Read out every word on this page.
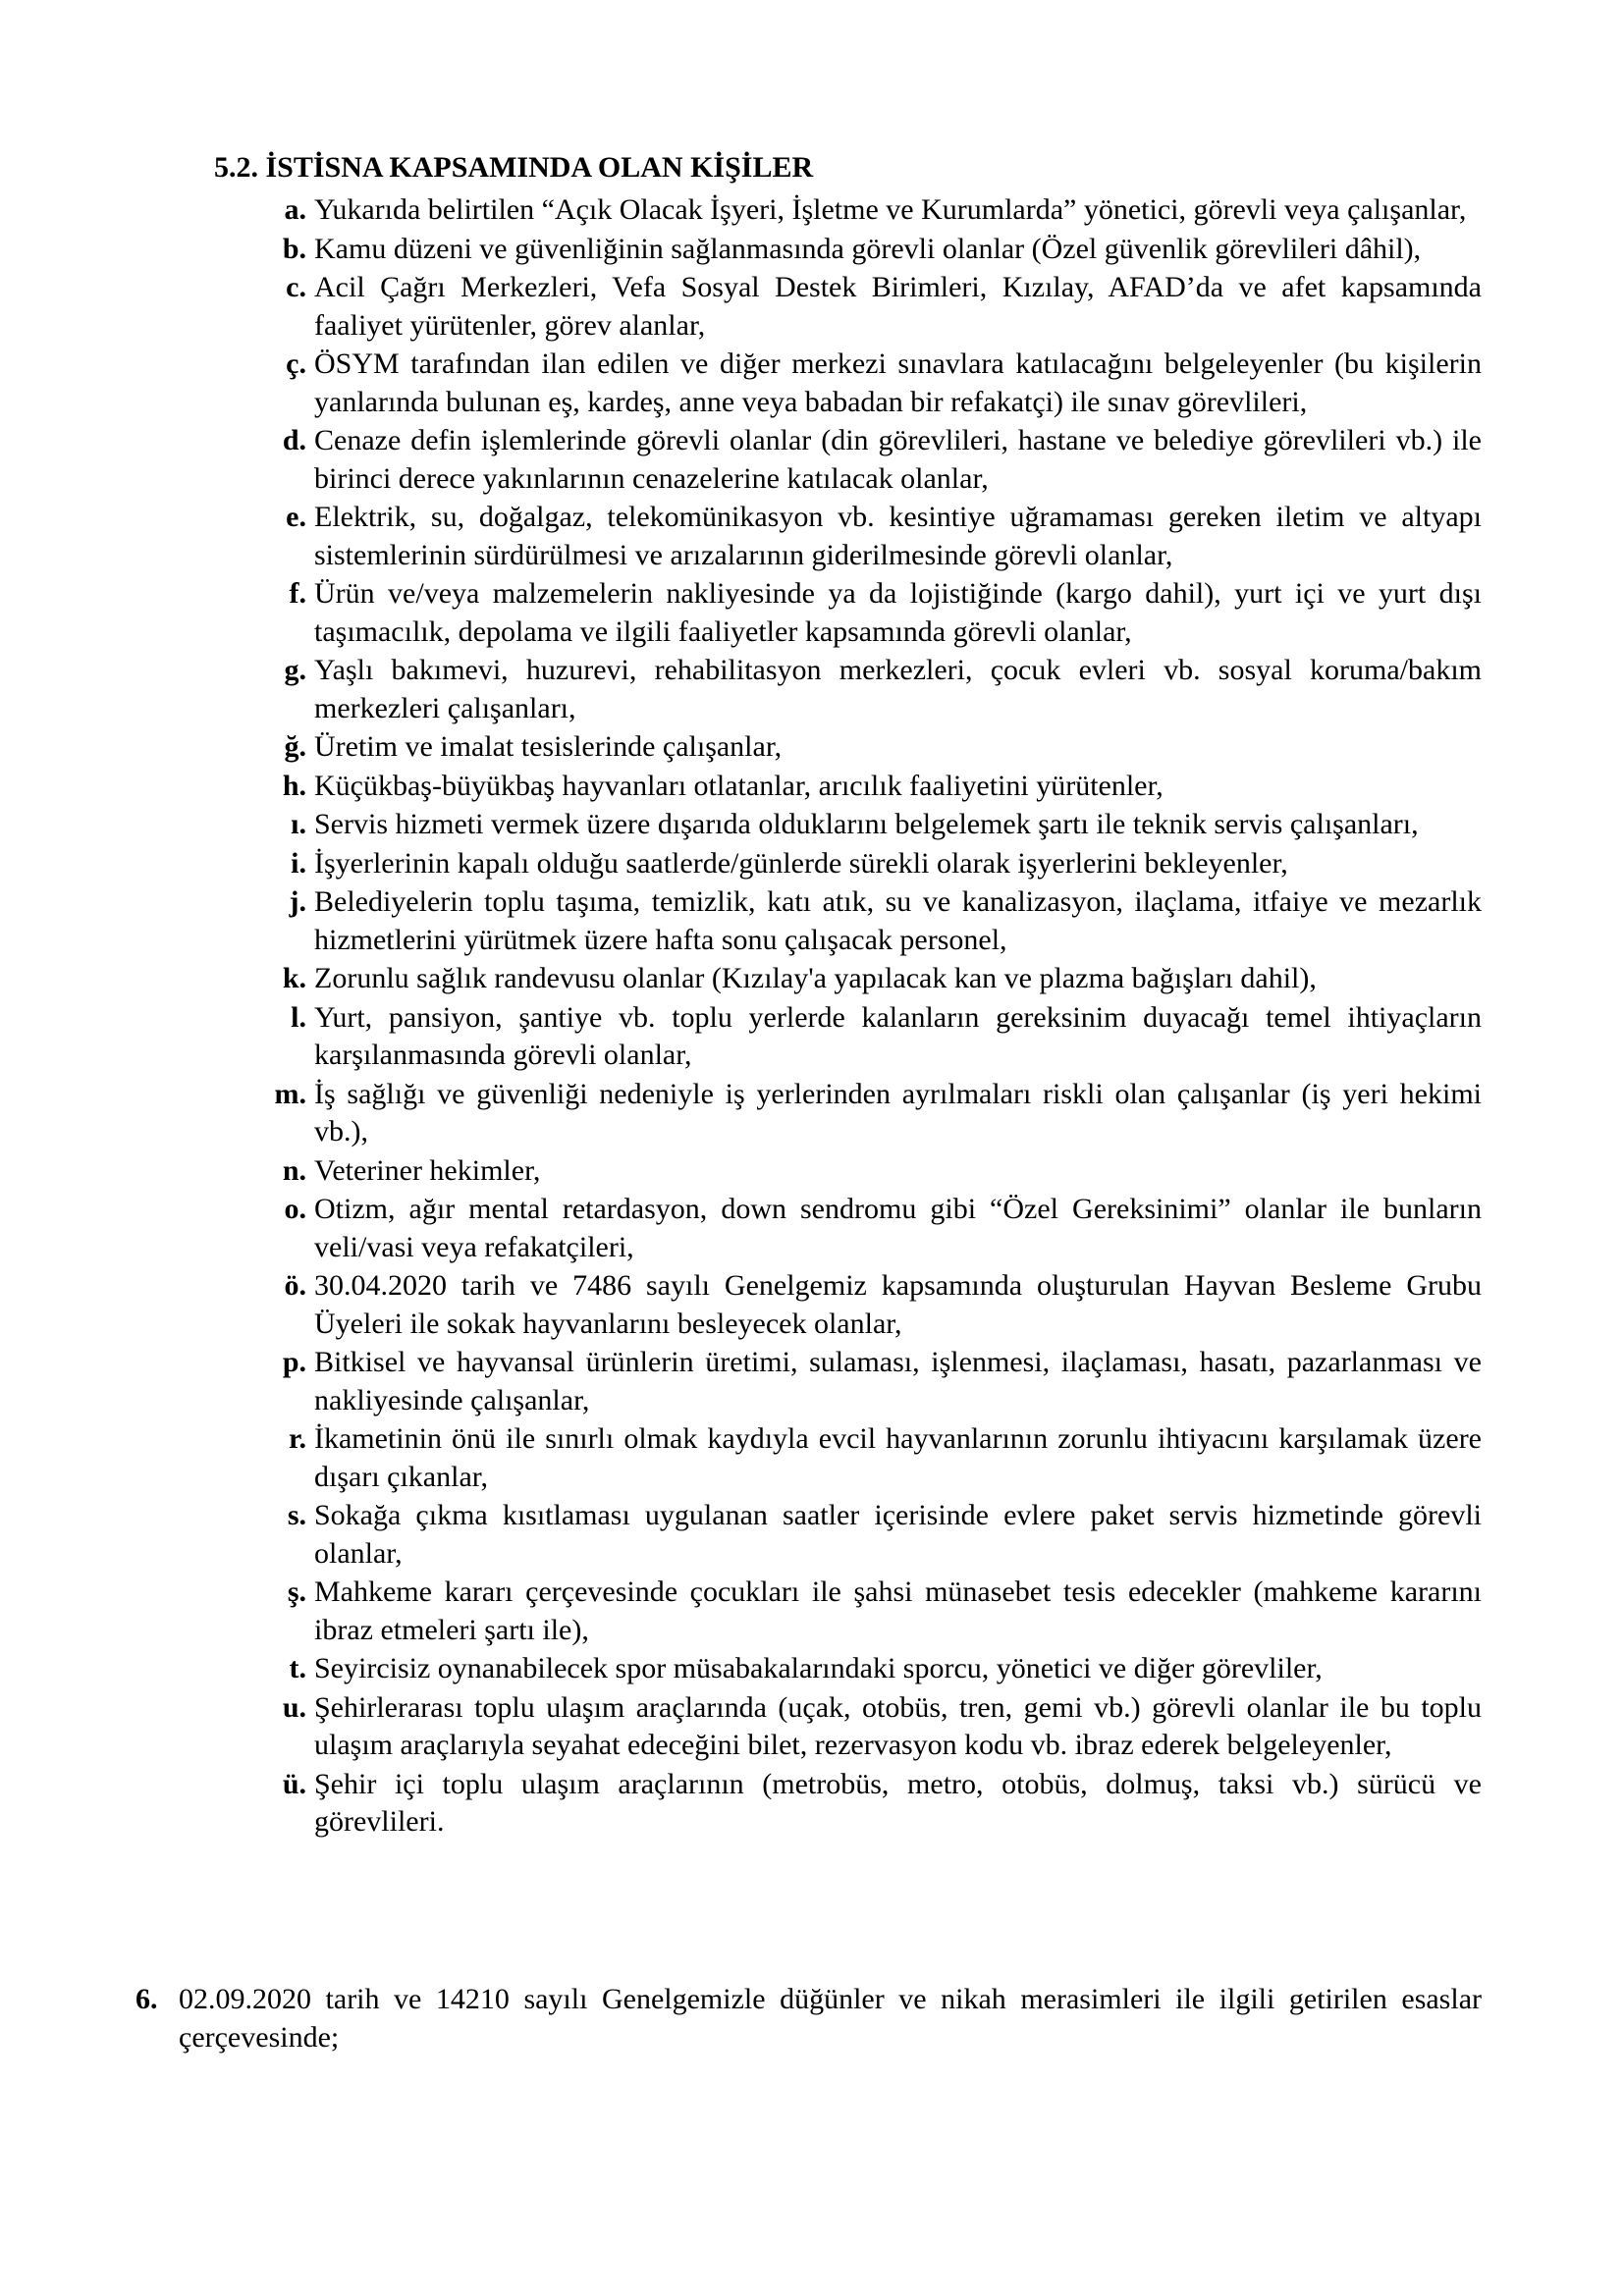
5.2. İSTİSNA KAPSAMINDA OLAN KİŞİLER
a. Yukarıda belirtilen “Açık Olacak İşyeri, İşletme ve Kurumlarda” yönetici, görevli veya çalışanlar,
b. Kamu düzeni ve güvenliğinin sağlanmasında görevli olanlar (Özel güvenlik görevlileri dâhil),
c. Acil Çağrı Merkezleri, Vefa Sosyal Destek Birimleri, Kızılay, AFAD’da ve afet kapsamında faaliyet yürütenler, görev alanlar,
ç. ÖSYM tarafından ilan edilen ve diğer merkezi sınavlara katılacağını belgeleyenler (bu kişilerin yanlarında bulunan eş, kardeş, anne veya babadan bir refakatçi) ile sınav görevlileri,
d. Cenaze defin işlemlerinde görevli olanlar (din görevlileri, hastane ve belediye görevlileri vb.) ile birinci derece yakınlarının cenazelerine katılacak olanlar,
e. Elektrik, su, doğalgaz, telekomünikasyon vb. kesintiye uğramaması gereken iletim ve altyapı sistemlerinin sürdürülmesi ve arızalarının giderilmesinde görevli olanlar,
f. Ürün ve/veya malzemelerin nakliyesinde ya da lojistiğinde (kargo dahil), yurt içi ve yurt dışı taşımacılık, depolama ve ilgili faaliyetler kapsamında görevli olanlar,
g. Yaşlı bakımevi, huzurevi, rehabilitasyon merkezleri, çocuk evleri vb. sosyal koruma/bakım merkezleri çalışanları,
ğ. Üretim ve imalat tesislerinde çalışanlar,
h. Küçükbaş-büyükbaş hayvanları otlatanlar, arıcılık faaliyetini yürütenler,
ı. Servis hizmeti vermek üzere dışarıda olduklarını belgelemek şartı ile teknik servis çalışanları,
i. İşyerlerinin kapalı olduğu saatlerde/günlerde sürekli olarak işyerlerini bekleyenler,
j. Belediyelerin toplu taşıma, temizlik, katı atık, su ve kanalizasyon, ilaçlama, itfaiye ve mezarlık hizmetlerini yürütmek üzere hafta sonu çalışacak personel,
k. Zorunlu sağlık randevusu olanlar (Kızılay'a yapılacak kan ve plazma bağışları dahil),
l. Yurt, pansiyon, şantiye vb. toplu yerlerde kalanların gereksinim duyacağı temel ihtiyaçların karşılanmasında görevli olanlar,
m. İş sağlığı ve güvenliği nedeniyle iş yerlerinden ayrılmaları riskli olan çalışanlar (iş yeri hekimi vb.),
n. Veteriner hekimler,
o. Otizm, ağır mental retardasyon, down sendromu gibi “Özel Gereksinimi” olanlar ile bunların veli/vasi veya refakatçileri,
ö. 30.04.2020 tarih ve 7486 sayılı Genelgemiz kapsamında oluşturulan Hayvan Besleme Grubu Üyeleri ile sokak hayvanlarını besleyecek olanlar,
p. Bitkisel ve hayvansal ürünlerin üretimi, sulaması, işlenmesi, ilaçlaması, hasatı, pazarlanması ve nakliyesinde çalışanlar,
r. İkametinin önü ile sınırlı olmak kaydıyla evcil hayvanlarının zorunlu ihtiyacını karşılamak üzere dışarı çıkanlar,
s. Sokağa çıkma kısıtlaması uygulanan saatler içerisinde evlere paket servis hizmetinde görevli olanlar,
ş. Mahkeme kararı çerçevesinde çocukları ile şahsi münasebet tesis edecekler (mahkeme kararını ibraz etmeleri şartı ile),
t. Seyircisiz oynanabilecek spor müsabakalarındaki sporcu, yönetici ve diğer görevliler,
u. Şehirlerarası toplu ulaşım araçlarında (uçak, otobüs, tren, gemi vb.) görevli olanlar ile bu toplu ulaşım araçlarıyla seyahat edeceğini bilet, rezervasyon kodu vb. ibraz ederek belgeleyenler,
ü. Şehir içi toplu ulaşım araçlarının (metrobüs, metro, otobüs, dolmuş, taksi vb.) sürücü ve görevlileri.
6. 02.09.2020 tarih ve 14210 sayılı Genelgemizle düğünler ve nikah merasimleri ile ilgili getirilen esaslar çerçevesinde;
